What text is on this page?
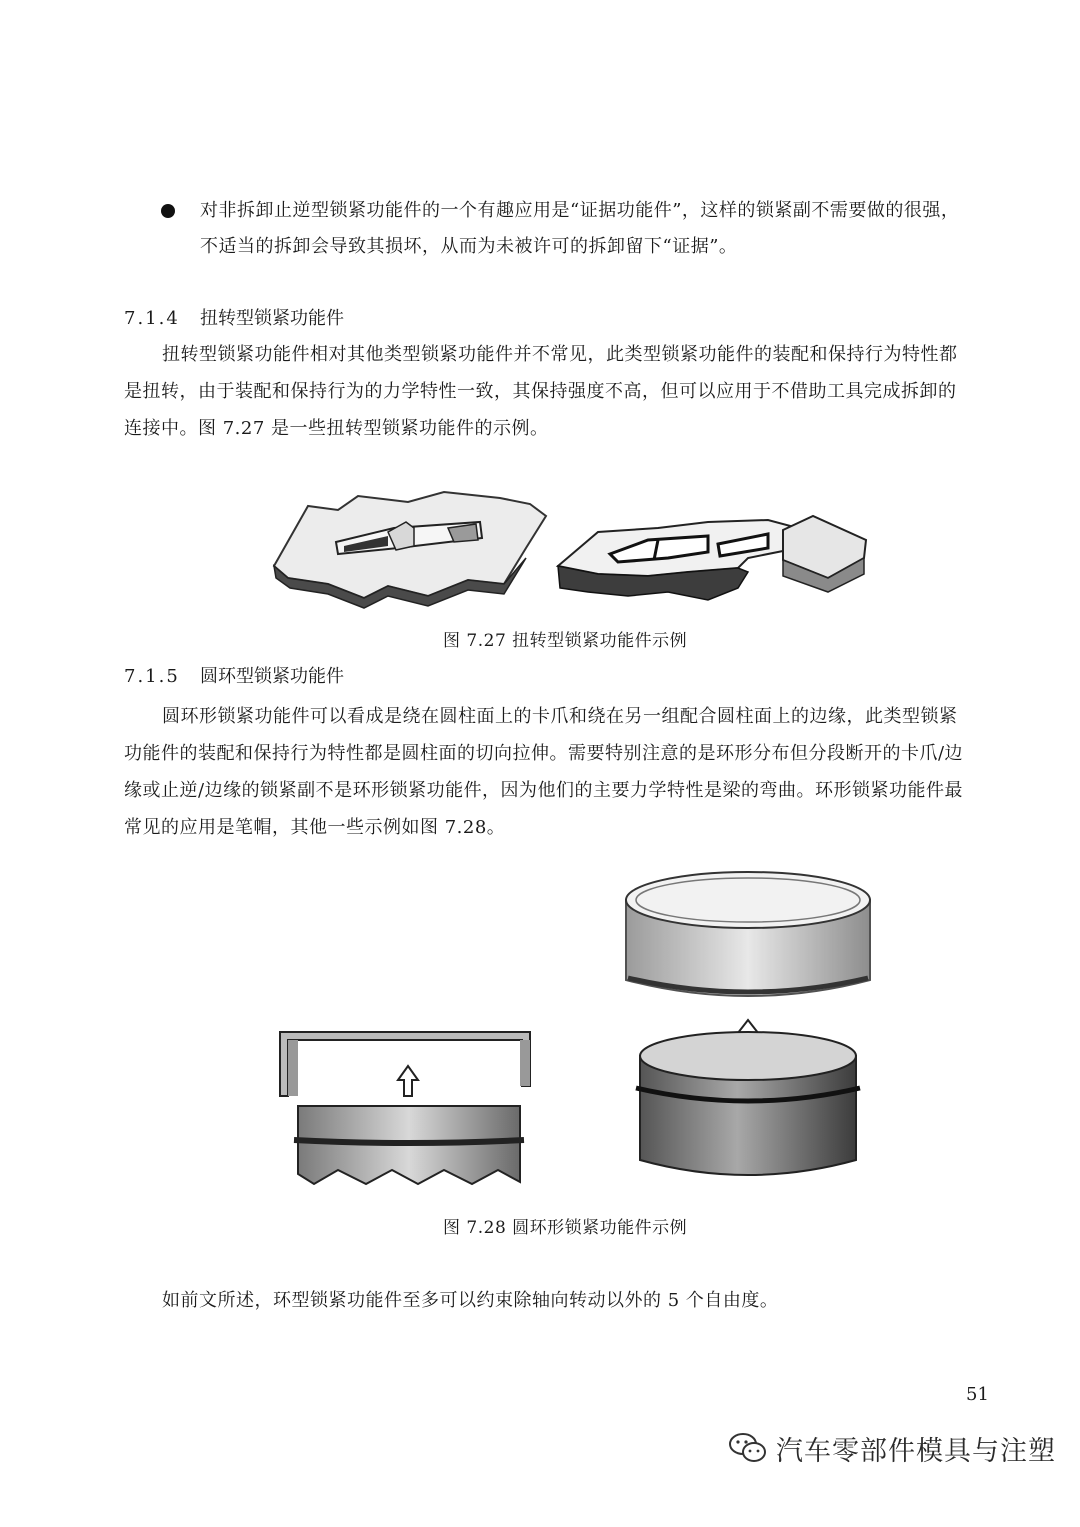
对非拆卸止逆型锁紧功能件的一个有趣应用是“证据功能件”，这样的锁紧副不需要做的很强，
不适当的拆卸会导致其损坏，从而为未被许可的拆卸留下“证据”。
7.1.4 扭转型锁紧功能件
扭转型锁紧功能件相对其他类型锁紧功能件并不常见，此类型锁紧功能件的装配和保持行为特性都
是扭转，由于装配和保持行为的力学特性一致，其保持强度不高，但可以应用于不借助工具完成拆卸的
连接中。图 7.27 是一些扭转型锁紧功能件的示例。
图 7.27 扭转型锁紧功能件示例
7.1.5 圆环型锁紧功能件
圆环形锁紧功能件可以看成是绕在圆柱面上的卡爪和绕在另一组配合圆柱面上的边缘，此类型锁紧
功能件的装配和保持行为特性都是圆柱面的切向拉伸。需要特别注意的是环形分布但分段断开的卡爪/边
缘或止逆/边缘的锁紧副不是环形锁紧功能件，因为他们的主要力学特性是梁的弯曲。环形锁紧功能件最
常见的应用是笔帽，其他一些示例如图 7.28。
图 7.28 圆环形锁紧功能件示例
如前文所述，环型锁紧功能件至多可以约束除轴向转动以外的 5 个自由度。
51
汽车零部件模具与注塑
